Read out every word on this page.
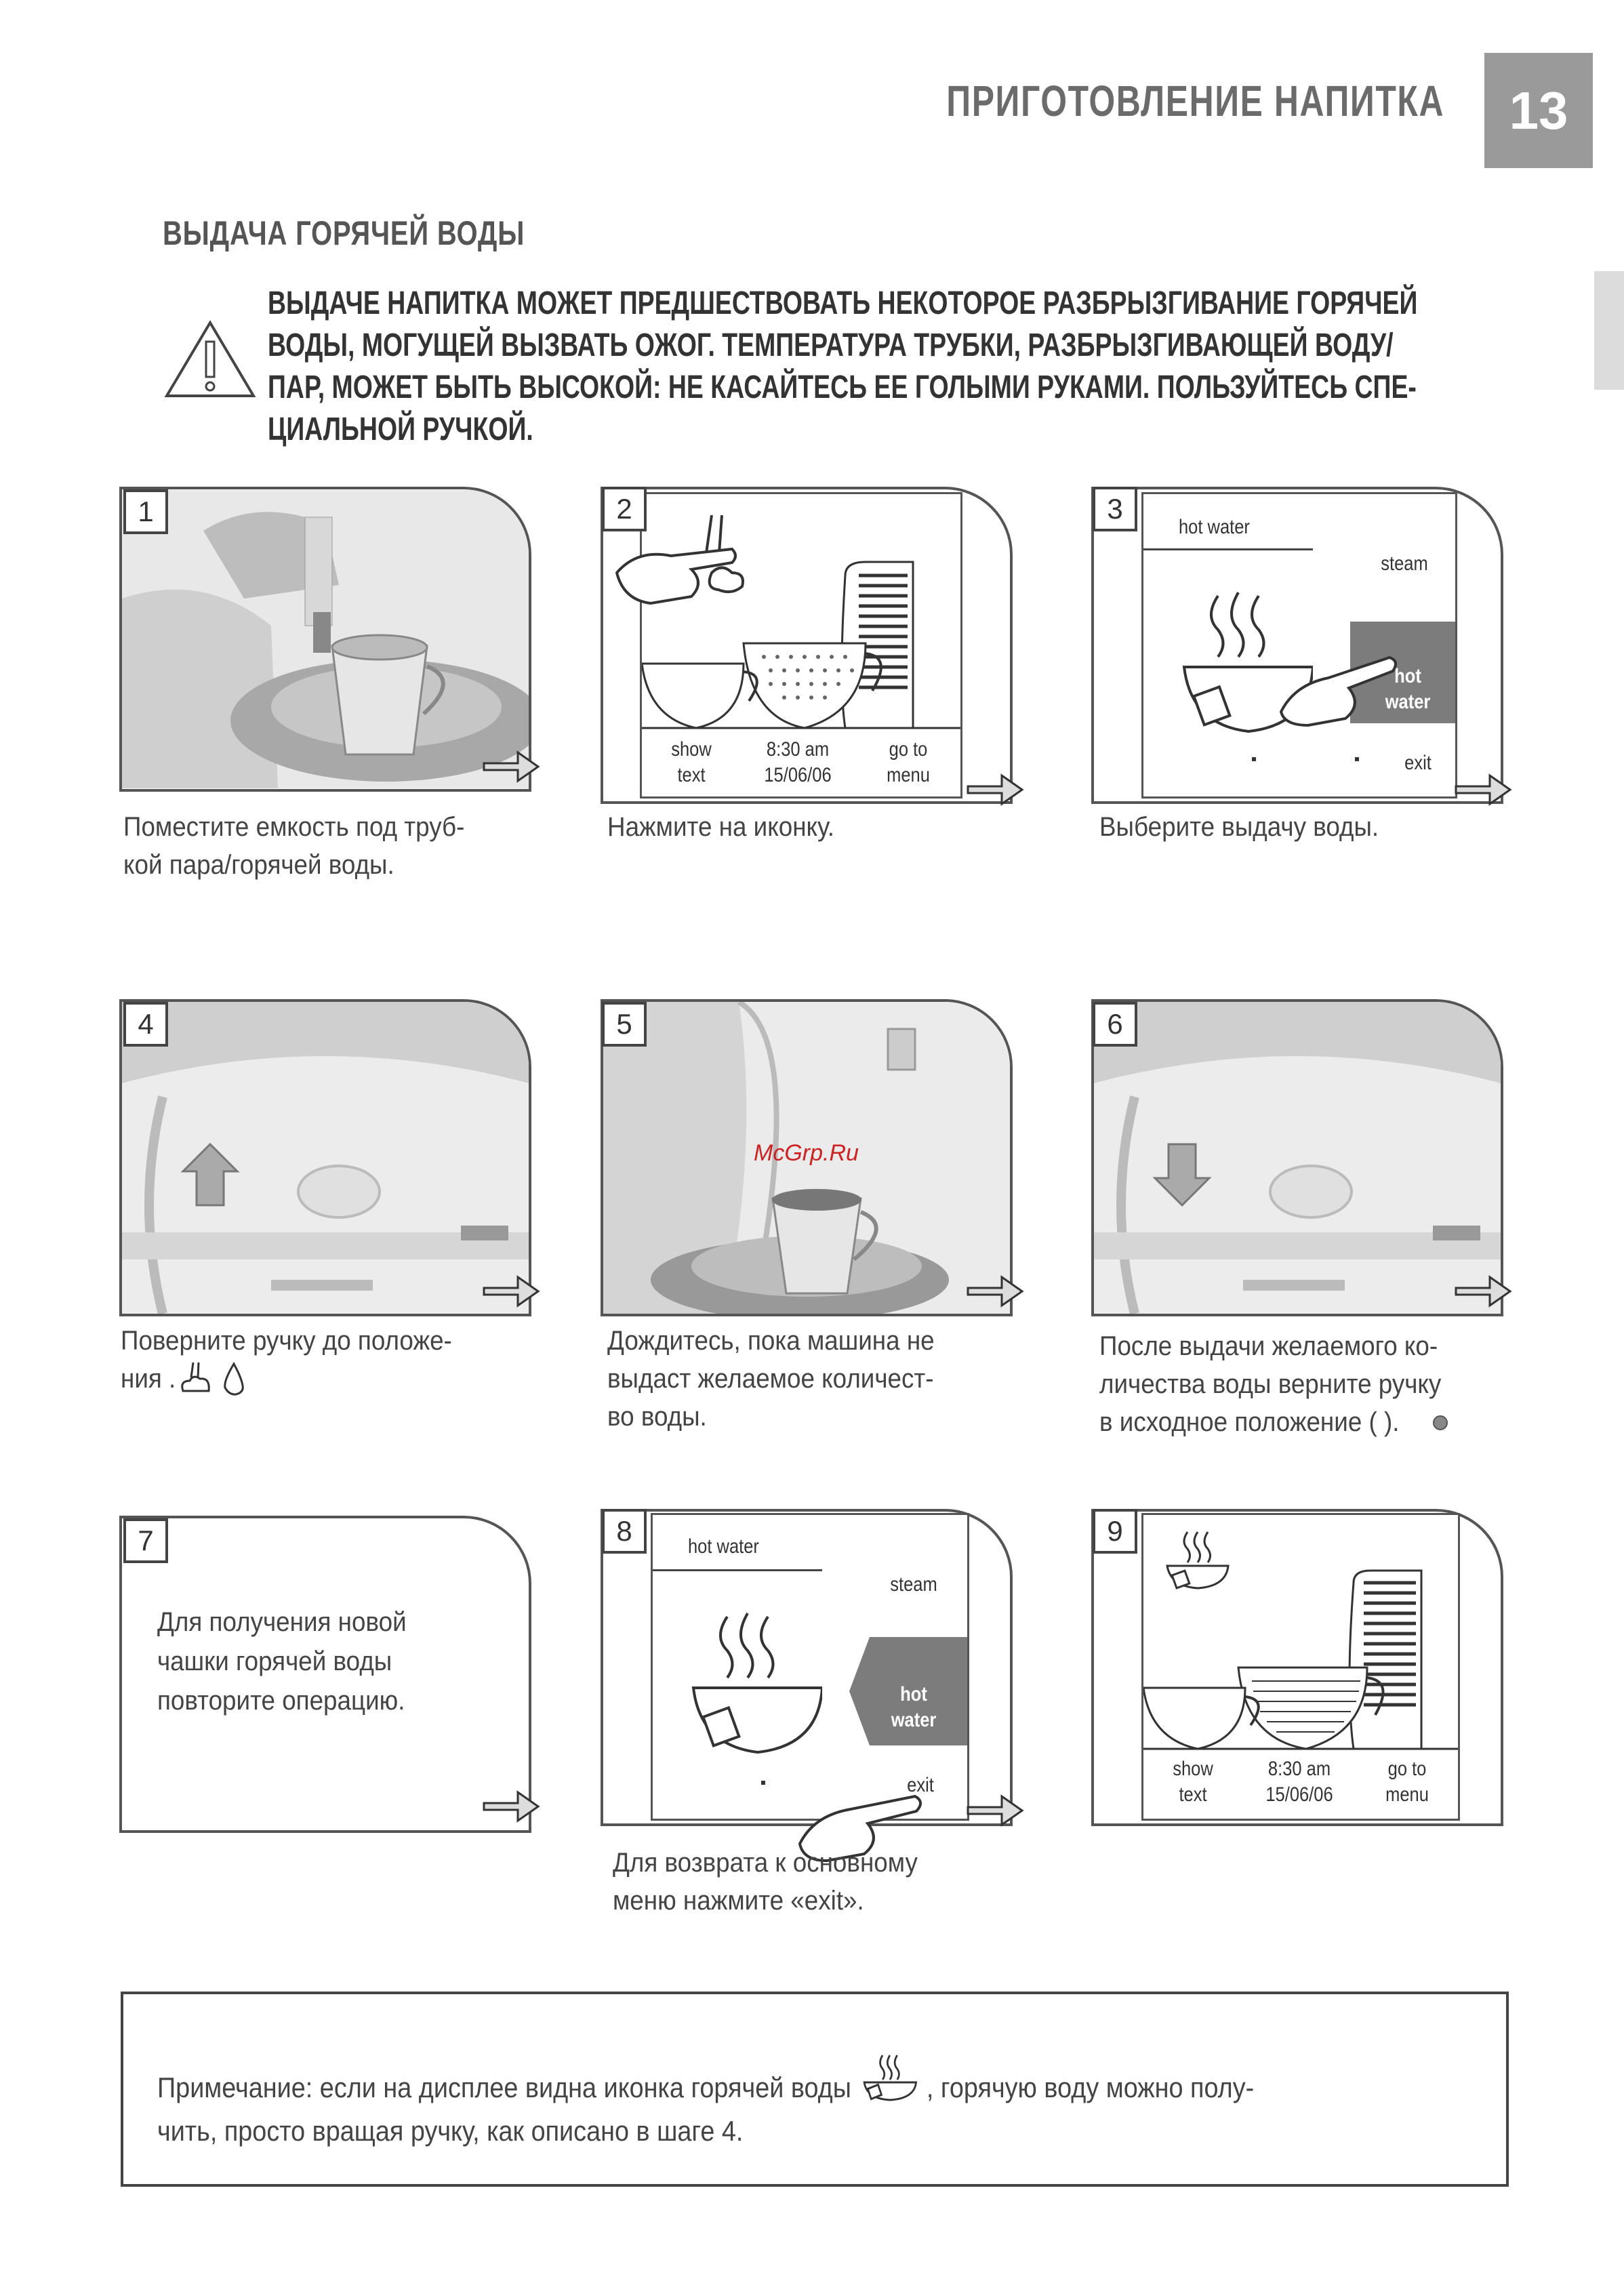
ПРИГОТОВЛЕНИЕ НАПИТКА	13
ВЫДАЧА ГОРЯЧЕЙ ВОДЫ
ВЫДАЧЕ НАПИТКА МОЖЕТ ПРЕДШЕСТВОВАТЬ НЕКОТОРОЕ РАЗБРЫЗГИВАНИЕ ГОРЯЧЕЙ
ВОДЫ, МОГУЩЕЙ ВЫЗВАТЬ ОЖОГ. ТЕМПЕРАТУРА ТРУБКИ, РАЗБРЫЗГИВАЮЩЕЙ ВОДУ/
ПАР, МОЖЕТ БЫТЬ ВЫСОКОЙ: НЕ КАСАЙТЕСЬ ЕЕ ГОЛЫМИ РУКАМИ. ПОЛЬЗУЙТЕСЬ СПЕ-
ЦИАЛЬНОЙ РУЧКОЙ.
1
Поместите емкость под труб-
кой пара/горячей воды.
2
show
text
8:30 am
15/06/06
go to
menu
Нажмите на иконку.
3
hot water
steam
hot
water
exit
Выберите выдачу воды.
4
Поверните ручку до положе-
ния .
5
McGrp.Ru
Дождитесь, пока машина не
выдаст желаемое количест-
во воды.
6
После выдачи желаемого ко-
личества воды верните ручку
в исходное положение ( ).
7
Для получения новой
чашки горячей воды
повторите операцию.
8	hot water
steam
hot
water
exit
Для возврата к основному
меню нажмите «exit».
9
show
text
8:30 am
15/06/06
go to
menu
Примечание: если на дисплее видна иконка горячей воды	, горячую воду можно полу-
чить, просто вращая ручку, как описано в шаге 4.
